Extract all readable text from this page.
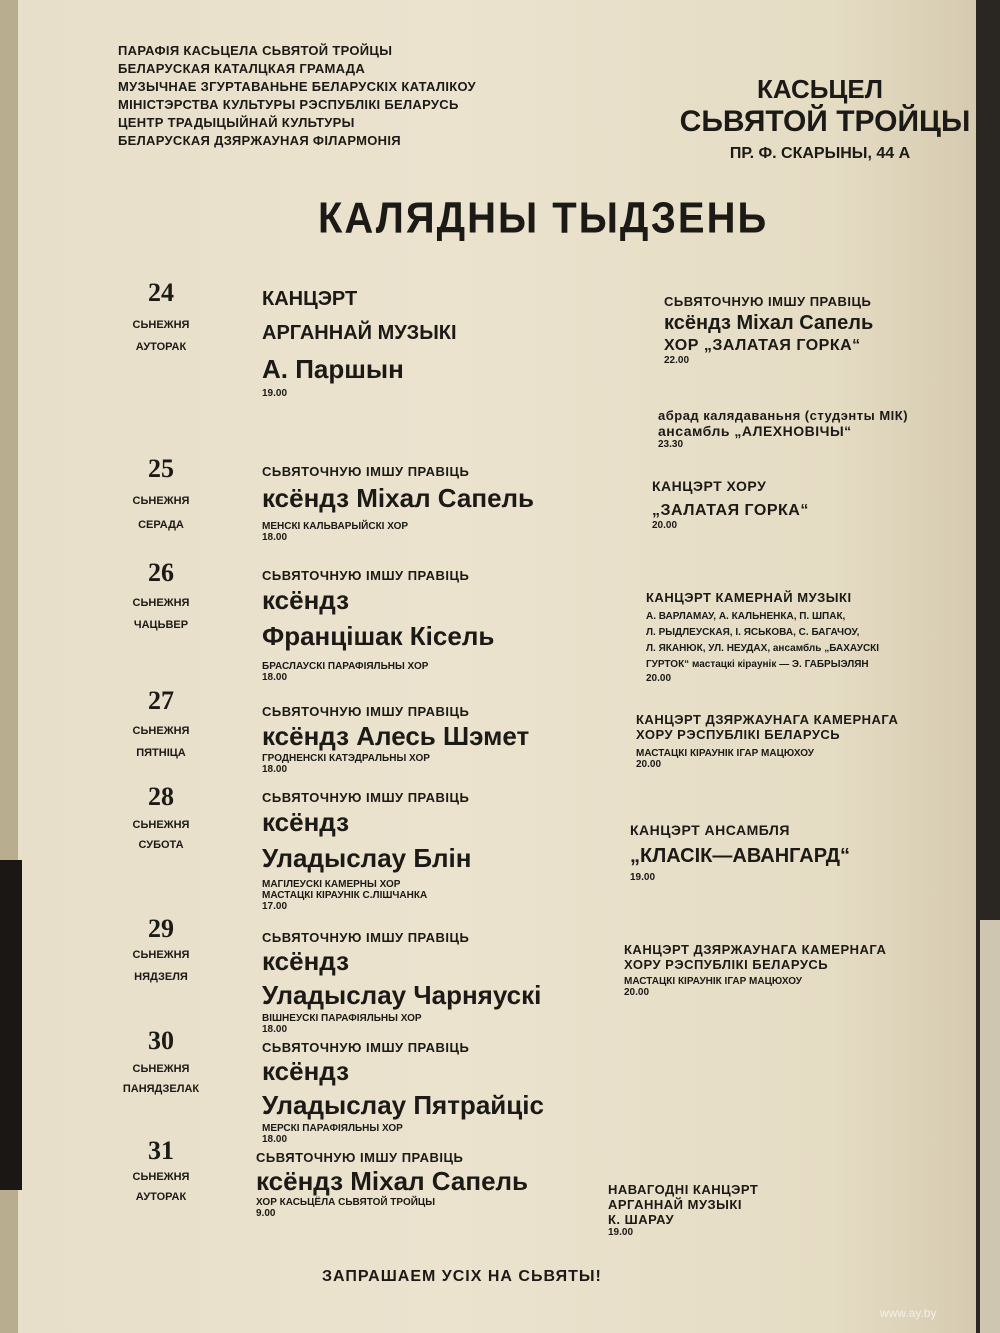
ПАРАФІЯ КАСЬЦЕЛА СЬВЯТОЙ ТРОЙЦЫ
БЕЛАРУСКАЯ КАТАЛЦКАЯ ГРАМАДА
МУЗЫЧНАЕ ЗГУРТАВАНЬНЕ БЕЛАРУСКІХ КАТАЛІКОУ
МІНІСТЭРСТВА КУЛЬТУРЫ РЭСПУБЛІКІ БЕЛАРУСЬ
ЦЕНТР ТРАДЫЦЫЙНАЙ КУЛЬТУРЫ
БЕЛАРУСКАЯ ДЗЯРЖАУНАЯ ФІЛАРМОНІЯ
КАСЬЦЕЛ
СЬВЯТОЙ ТРОЙЦЫ
ПР. Ф. СКАРЫНЫ, 44 А
КАЛЯДНЫ ТЫДЗЕНЬ
24
СЬНЕЖНЯ
АУТОРАК
25
СЬНЕЖНЯ
СЕРАДА
26
СЬНЕЖНЯ
ЧАЦЬВЕР
27
СЬНЕЖНЯ
ПЯТНІЦА
28
СЬНЕЖНЯ
СУБОТА
29
СЬНЕЖНЯ
НЯДЗЕЛЯ
30
СЬНЕЖНЯ
ПАНЯДЗЕЛАК
31
СЬНЕЖНЯ
АУТОРАК
КАНЦЭРТ
АРГАННАЙ МУЗЫКІ
А. Паршын
19.00
СЬВЯТОЧНУЮ ІМШУ ПРАВІЦЬ
ксёндз Міхал Сапель
МЕНСКІ КАЛЬВАРЫЙСКІ ХОР
18.00
СЬВЯТОЧНУЮ ІМШУ ПРАВІЦЬ
ксёндз
Францішак Кісель
БРАСЛАУСКІ ПАРАФІЯЛЬНЫ ХОР
18.00
СЬВЯТОЧНУЮ ІМШУ ПРАВІЦЬ
ксёндз Алесь Шэмет
ГРОДНЕНСКІ КАТЭДРАЛЬНЫ ХОР
18.00
СЬВЯТОЧНУЮ ІМШУ ПРАВІЦЬ
ксёндз
Уладыслау Блін
МАГІЛЕУСКІ КАМЕРНЫ ХОР
МАСТАЦКІ КІРАУНІК С.ЛІШЧАНКА
17.00
СЬВЯТОЧНУЮ ІМШУ ПРАВІЦЬ
ксёндз
Уладыслау Чарняускі
ВІШНЕУСКІ ПАРАФІЯЛЬНЫ ХОР
18.00
СЬВЯТОЧНУЮ ІМШУ ПРАВІЦЬ
ксёндз
Уладыслау Пятрайціс
МЕРСКІ ПАРАФІЯЛЬНЫ ХОР
18.00
СЬВЯТОЧНУЮ ІМШУ ПРАВІЦЬ
ксёндз Міхал Сапель
ХОР КАСЬЦЁЛА СЬВЯТОЙ ТРОЙЦЫ
9.00
СЬВЯТОЧНУЮ ІМШУ ПРАВІЦЬ
ксёндз Міхал Сапель
ХОР „ЗАЛАТАЯ ГОРКА“
22.00
абрад калядаваньня (студэнты МІК)
ансамбль „АЛЕХНОВІЧЫ“
23.30
КАНЦЭРТ ХОРУ
„ЗАЛАТАЯ ГОРКА“
20.00
КАНЦЭРТ КАМЕРНАЙ МУЗЫКІ
А. ВАРЛАМАУ, А. КАЛЬНЕНКА, П. ШПАК,
Л. РЫДЛЕУСКАЯ, І. ЯСЬКОВА, С. БАГАЧОУ,
Л. ЯКАНЮК, УЛ. НЕУДАХ, ансамбль „БАХАУСКІ
ГУРТОК“ мастацкі кіраунік — Э. ГАБРЫЭЛЯН
20.00
КАНЦЭРТ ДЗЯРЖАУНАГА КАМЕРНАГА
ХОРУ РЭСПУБЛІКІ БЕЛАРУСЬ
МАСТАЦКІ КІРАУНІК ІГАР МАЦЮХОУ
20.00
КАНЦЭРТ АНСАМБЛЯ
„КЛАСІК—АВАНГАРД“
19.00
КАНЦЭРТ ДЗЯРЖАУНАГА КАМЕРНАГА
ХОРУ РЭСПУБЛІКІ БЕЛАРУСЬ
МАСТАЦКІ КІРАУНІК ІГАР МАЦЮХОУ
20.00
НАВАГОДНІ КАНЦЭРТ
АРГАННАЙ МУЗЫКІ
К. ШАРАУ
19.00
ЗАПРАШАЕМ УСІХ НА СЬВЯТЫ!
www.ay.by
